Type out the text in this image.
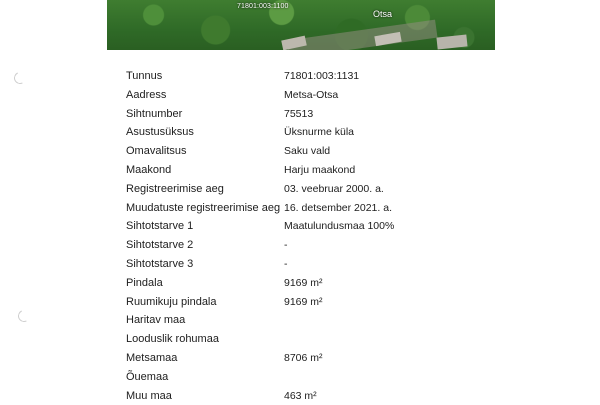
71801:003:1100
Otsa
Tunnus	71801:003:1131
Aadress	Metsa-Otsa
Sihtnumber	75513
Asustusüksus	Üksnurme küla
Omavalitsus	Saku vald
Maakond	Harju maakond
Registreerimise aeg	03. veebruar 2000. a.
Muudatuste registreerimise aeg 16. detsember 2021. a.
Sihtotstarve 1	Maatulundusmaa 100%
Sihtotstarve 2	-
Sihtotstarve 3	-
Pindala	9169 m²
Ruumikuju pindala	9169 m²
Haritav maa
Looduslik rohumaa
Metsamaa	8706 m²
Õuemaa
Muu maa	463 m²
